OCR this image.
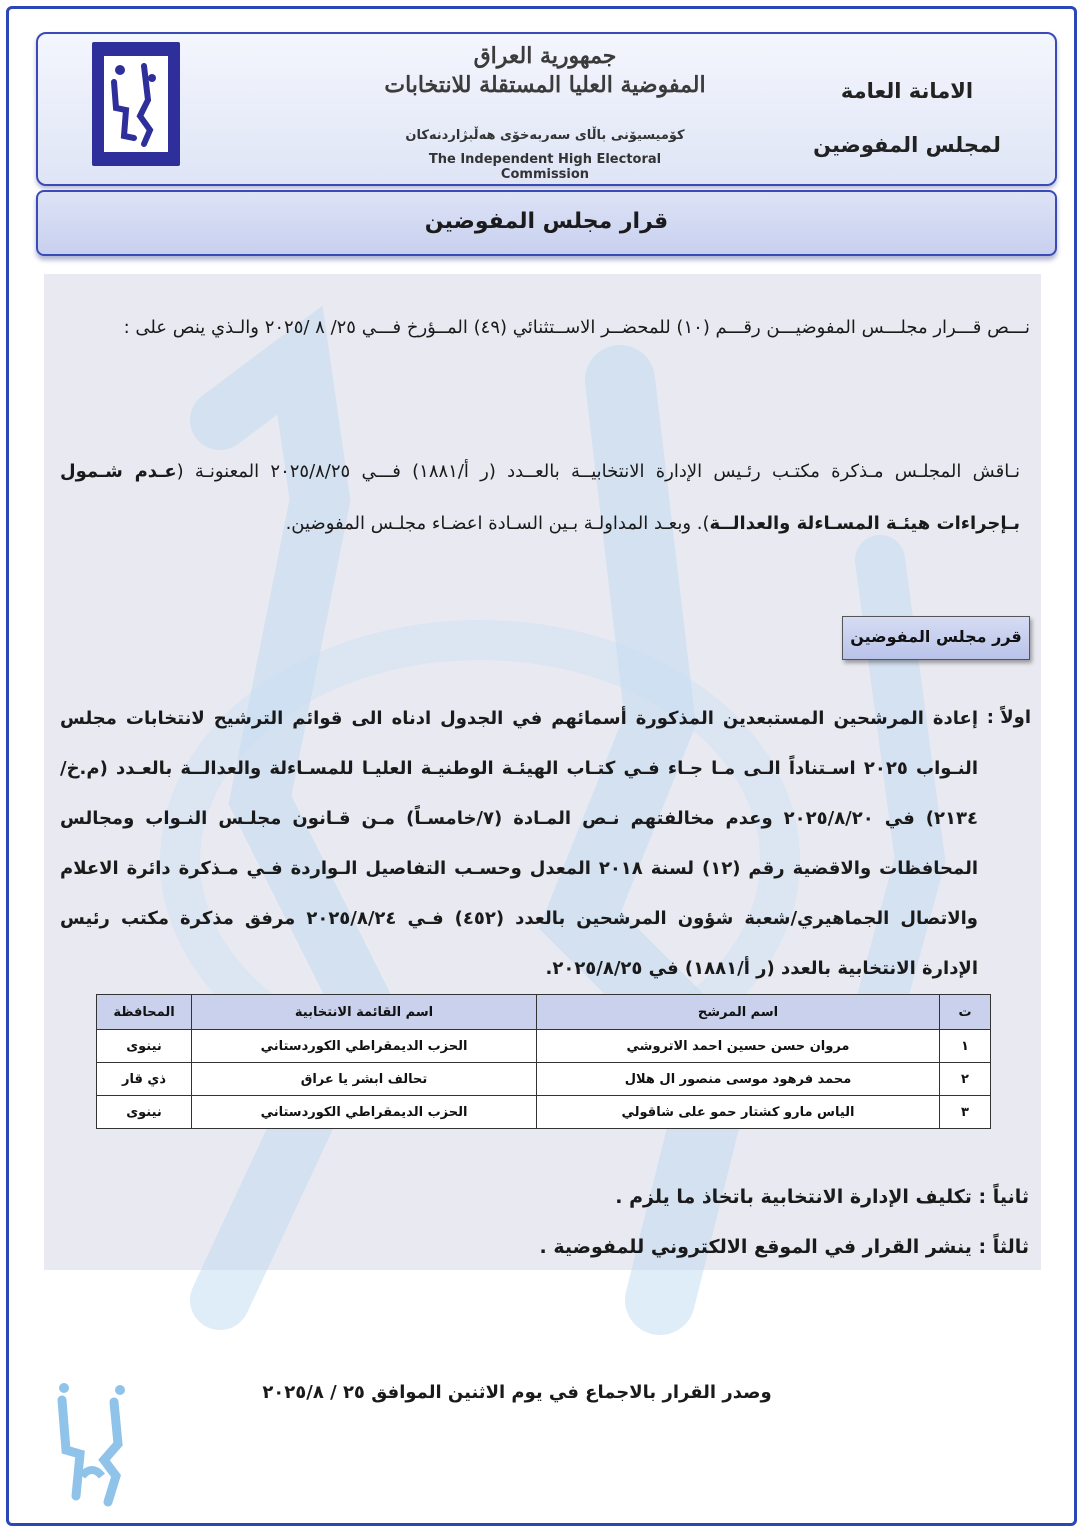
جمهورية العراق
المفوضية العليا المستقلة للانتخابات
كۆميسيۆنی باڵای سەربەخۆی هەڵبژاردنەكان
The Independent High Electoral Commission
الامانة العامة
لمجلس المفوضين
قرار مجلس المفوضين
نـــص قـــرار مجلـــس المفوضيـــن رقـــم (١٠) للمحضــر الاســتثنائي (٤٩) المــؤرخ فـــي ٢٥/ ٨ /٢٠٢٥ والـذي ينص على :
نـاقش المجلـس مـذكرة مكتـب رئـيس الإدارة الانتخابيــة بالعــدد (ر أ/١٨٨١) فـــي ٢٠٢٥/٨/٢٥ المعنونـة (عـدم شـمول بـإجراءات هيئـة المسـاءلة والعدالــة). وبعـد المداولـة بـين السـادة اعضـاء مجلـس المفوضين.
قرر مجلس المفوضين
اولاً :
إعادة المرشحين المستبعدين المذكورة أسمائهم في الجدول ادناه الى قوائم الترشيح لانتخابات مجلس النـواب ٢٠٢٥ اسـتناداً الـى مـا جـاء فـي كتـاب الهيئـة الوطنيـة العليـا للمسـاءلة والعدالــة بالعـدد (م.خ/٢١٣٤) في ٢٠٢٥/٨/٢٠ وعدم مخالفتهم نـص المـادة (٧/خامسـاً) مـن قـانون مجلـس النـواب ومجالس المحافظات والاقضية رقم (١٢) لسنة ٢٠١٨ المعدل وحسـب التفاصيل الـواردة فـي مـذكرة دائرة الاعلام والاتصال الجماهيري/شعبة شؤون المرشحين بالعدد (٤٥٢) فـي ٢٠٢٥/٨/٢٤ مرفق مذكرة مكتب رئيس الإدارة الانتخابية بالعدد (ر أ/١٨٨١) في ٢٠٢٥/٨/٢٥.
ت	اسم المرشح	اسم القائمة الانتخابية	المحافظة
١	مروان حسن حسين احمد الاتروشي	الحزب الديمقراطي الكوردستاني	نينوى
٢	محمد فرهود موسى منصور ال هلال	تحالف ابشر يا عراق	ذي قار
٣	الياس مارو كشتار حمو على شاقولي	الحزب الديمقراطي الكوردستاني	نينوى
ثانياً : تكليف الإدارة الانتخابية باتخاذ ما يلزم .
ثالثاً : ينشر القرار في الموقع الالكتروني للمفوضية .
وصدر القرار بالاجماع في يوم الاثنين الموافق ٢٥ / ٢٠٢٥/٨
